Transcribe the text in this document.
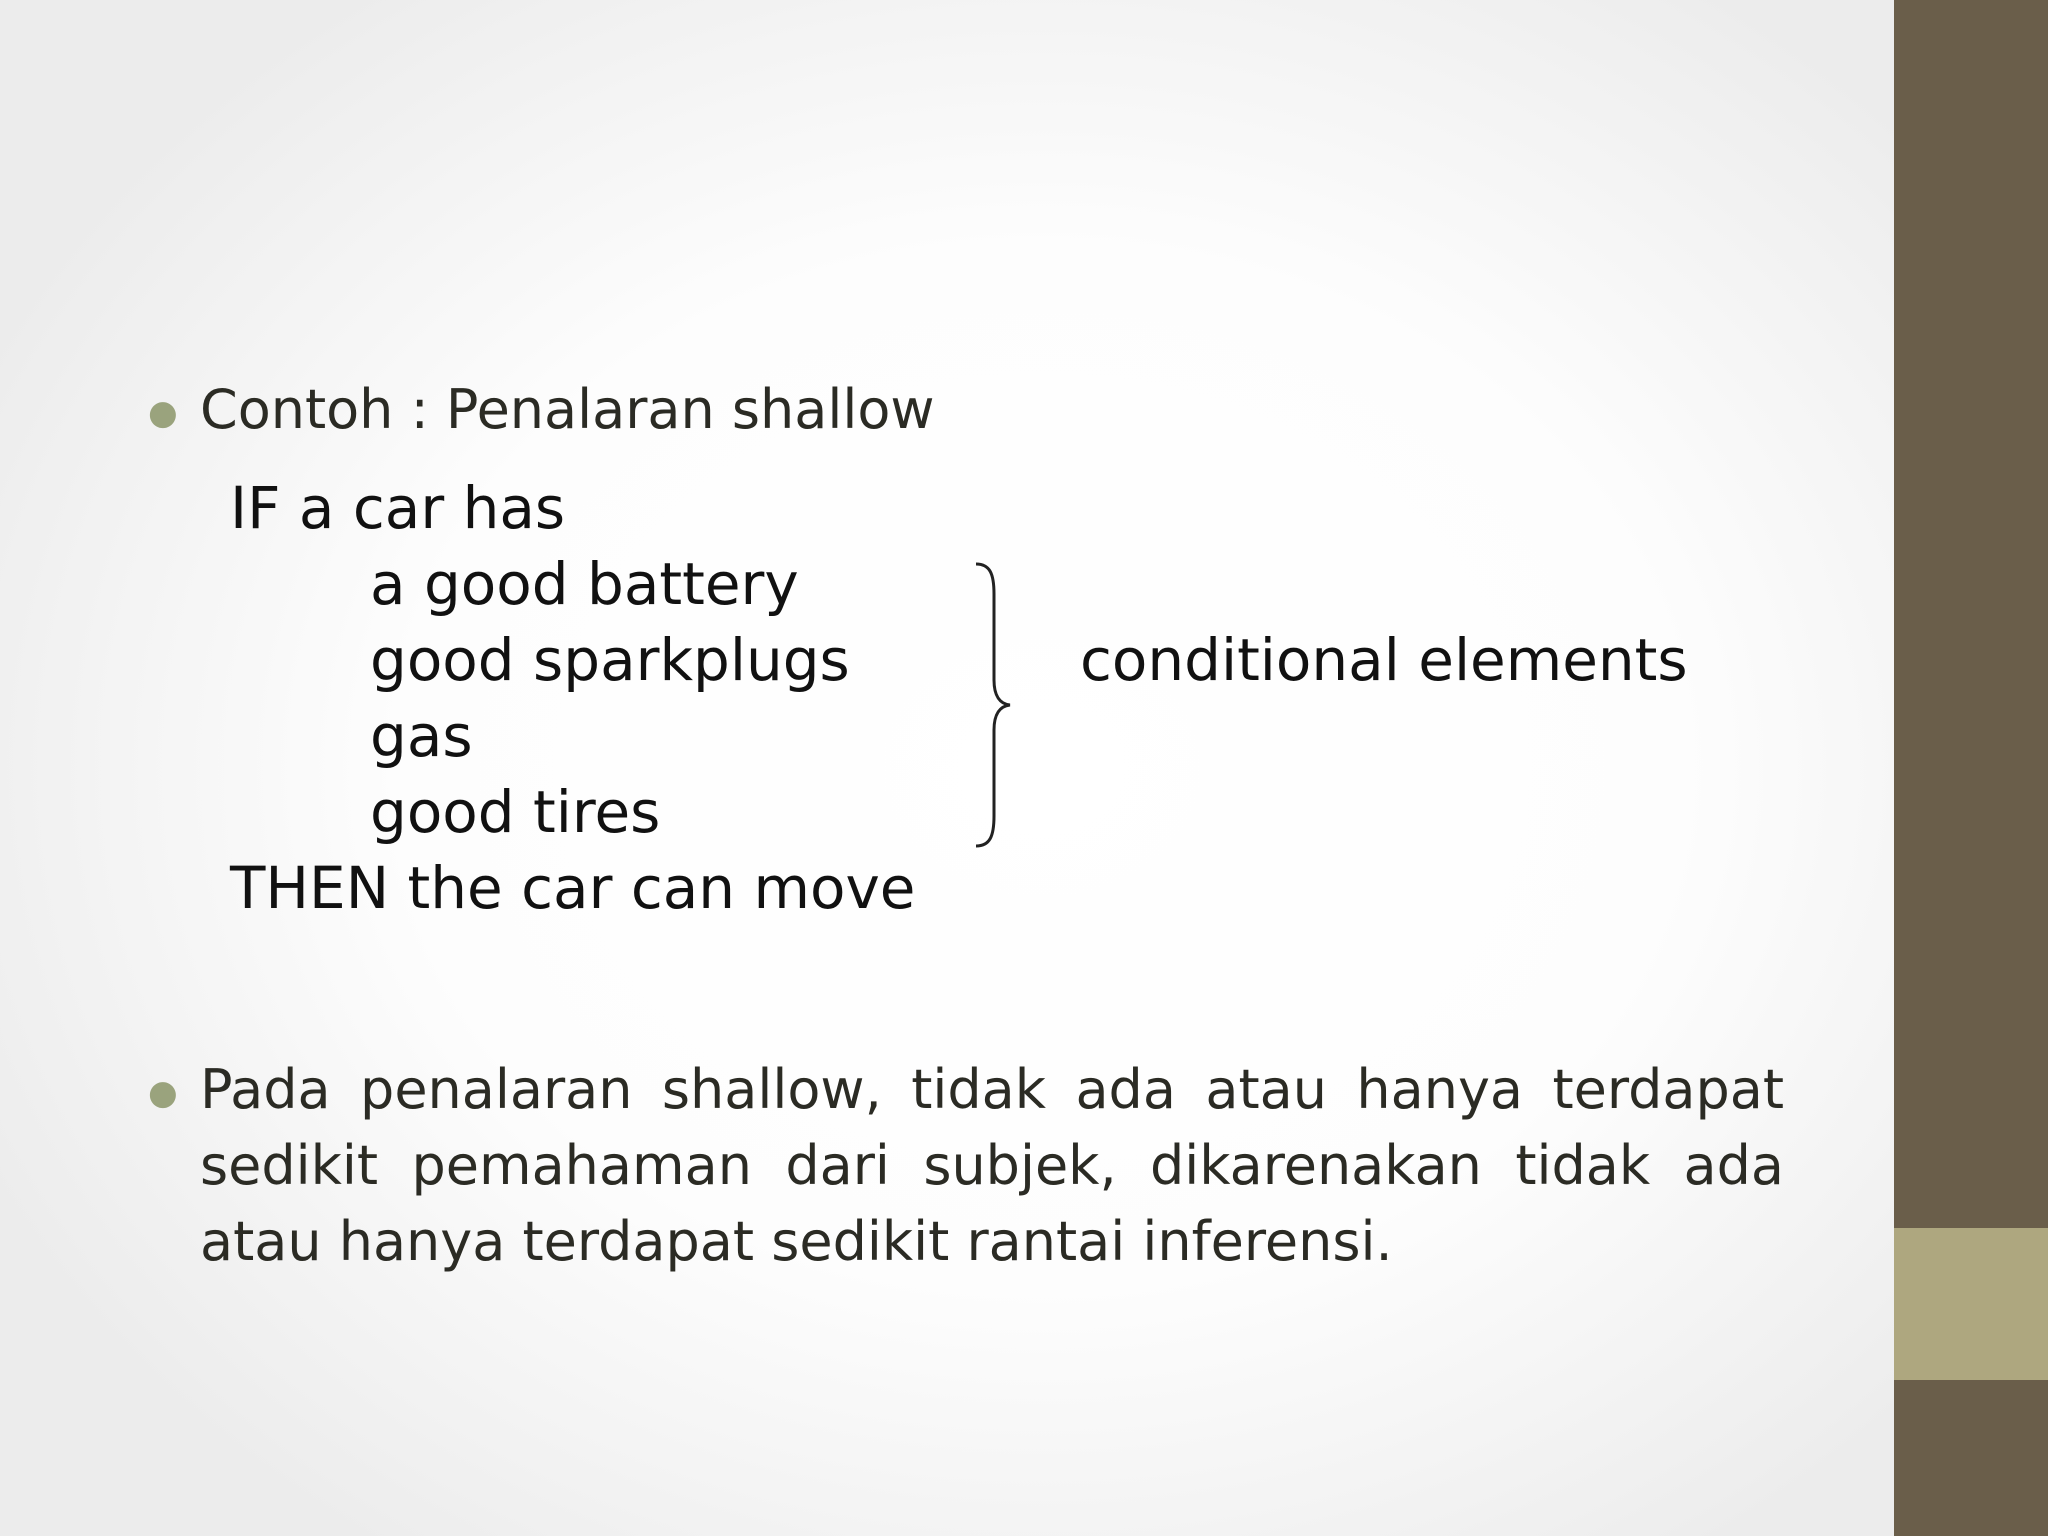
● Contoh : Penalaran shallow
IF a car has
a good battery
good sparkplugs
gas
good tires
THEN the car can move
conditional elements
● Pada penalaran shallow, tidak ada atau hanya terdapat sedikit pemahaman dari subjek, dikarenakan tidak ada atau hanya terdapat sedikit rantai inferensi.
